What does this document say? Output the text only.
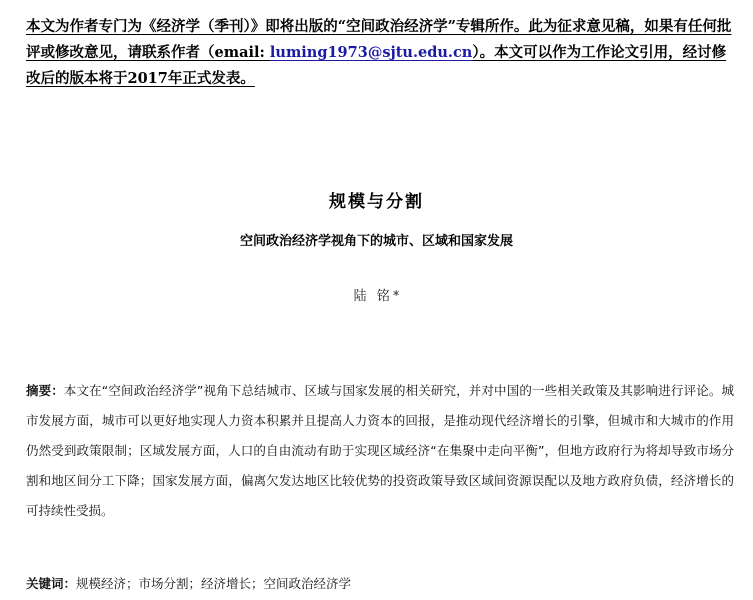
本文为作者专门为《经济学（季刊）》即将出版的“空间政治经济学”专辑所作。此为征求意见稿，如果有任何批评或修改意见，请联系作者（email: luming1973@sjtu.edu.cn）。本文可以作为工作论文引用，经讨修改后的版本将于2017年正式发表。
规模与分割
空间政治经济学视角下的城市、区域和国家发展
陆 铭*
摘要：本文在“空间政治经济学”视角下总结城市、区域与国家发展的相关研究，并对中国的一些相关政策及其影响进行评论。城市发展方面，城市可以更好地实现人力资本积累并且提高人力资本的回报，是推动现代经济增长的引擎，但城市和大城市的作用仍然受到政策限制；区域发展方面，人口的自由流动有助于实现区域经济“在集聚中走向平衡”，但地方政府行为将却导致市场分割和地区间分工下降；国家发展方面，偏离欠发达地区比较优势的投资政策导致区域间资源误配以及地方政府负债，经济增长的可持续性受损。
关键词：规模经济；市场分割；经济增长；空间政治经济学
